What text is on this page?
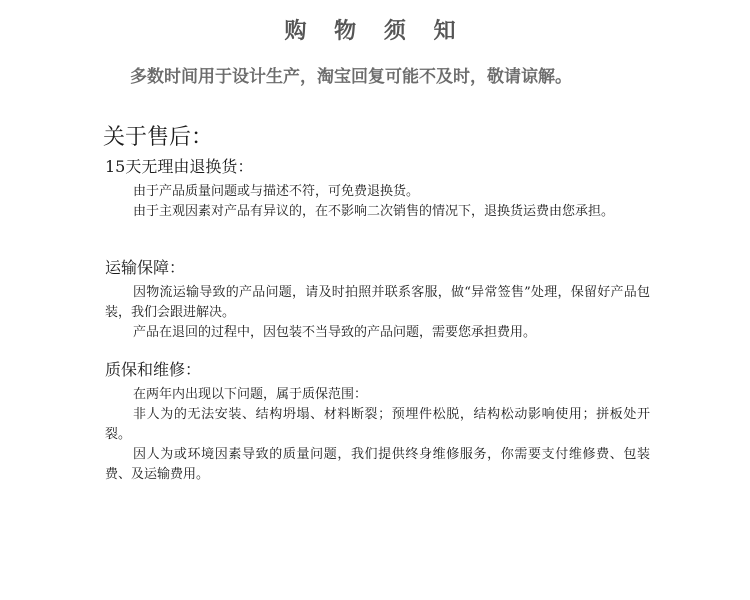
购 物 须 知
多数时间用于设计生产，淘宝回复可能不及时，敬请谅解。
关于售后：
15天无理由退换货：

由于产品质量问题或与描述不符，可免费退换货。

由于主观因素对产品有异议的，在不影响二次销售的情况下，退换货运费由您承担。

运输保障：

因物流运输导致的产品问题，请及时拍照并联系客服，做“异常签售”处理，保留好产品包装，我们会跟进解决。

产品在退回的过程中，因包装不当导致的产品问题，需要您承担费用。

质保和维修：

在两年内出现以下问题，属于质保范围：

非人为的无法安装、结构坍塌、材料断裂；预埋件松脱，结构松动影响使用；拼板处开裂。

因人为或环境因素导致的质量问题，我们提供终身维修服务，你需要支付维修费、包装费、及运输费用。
